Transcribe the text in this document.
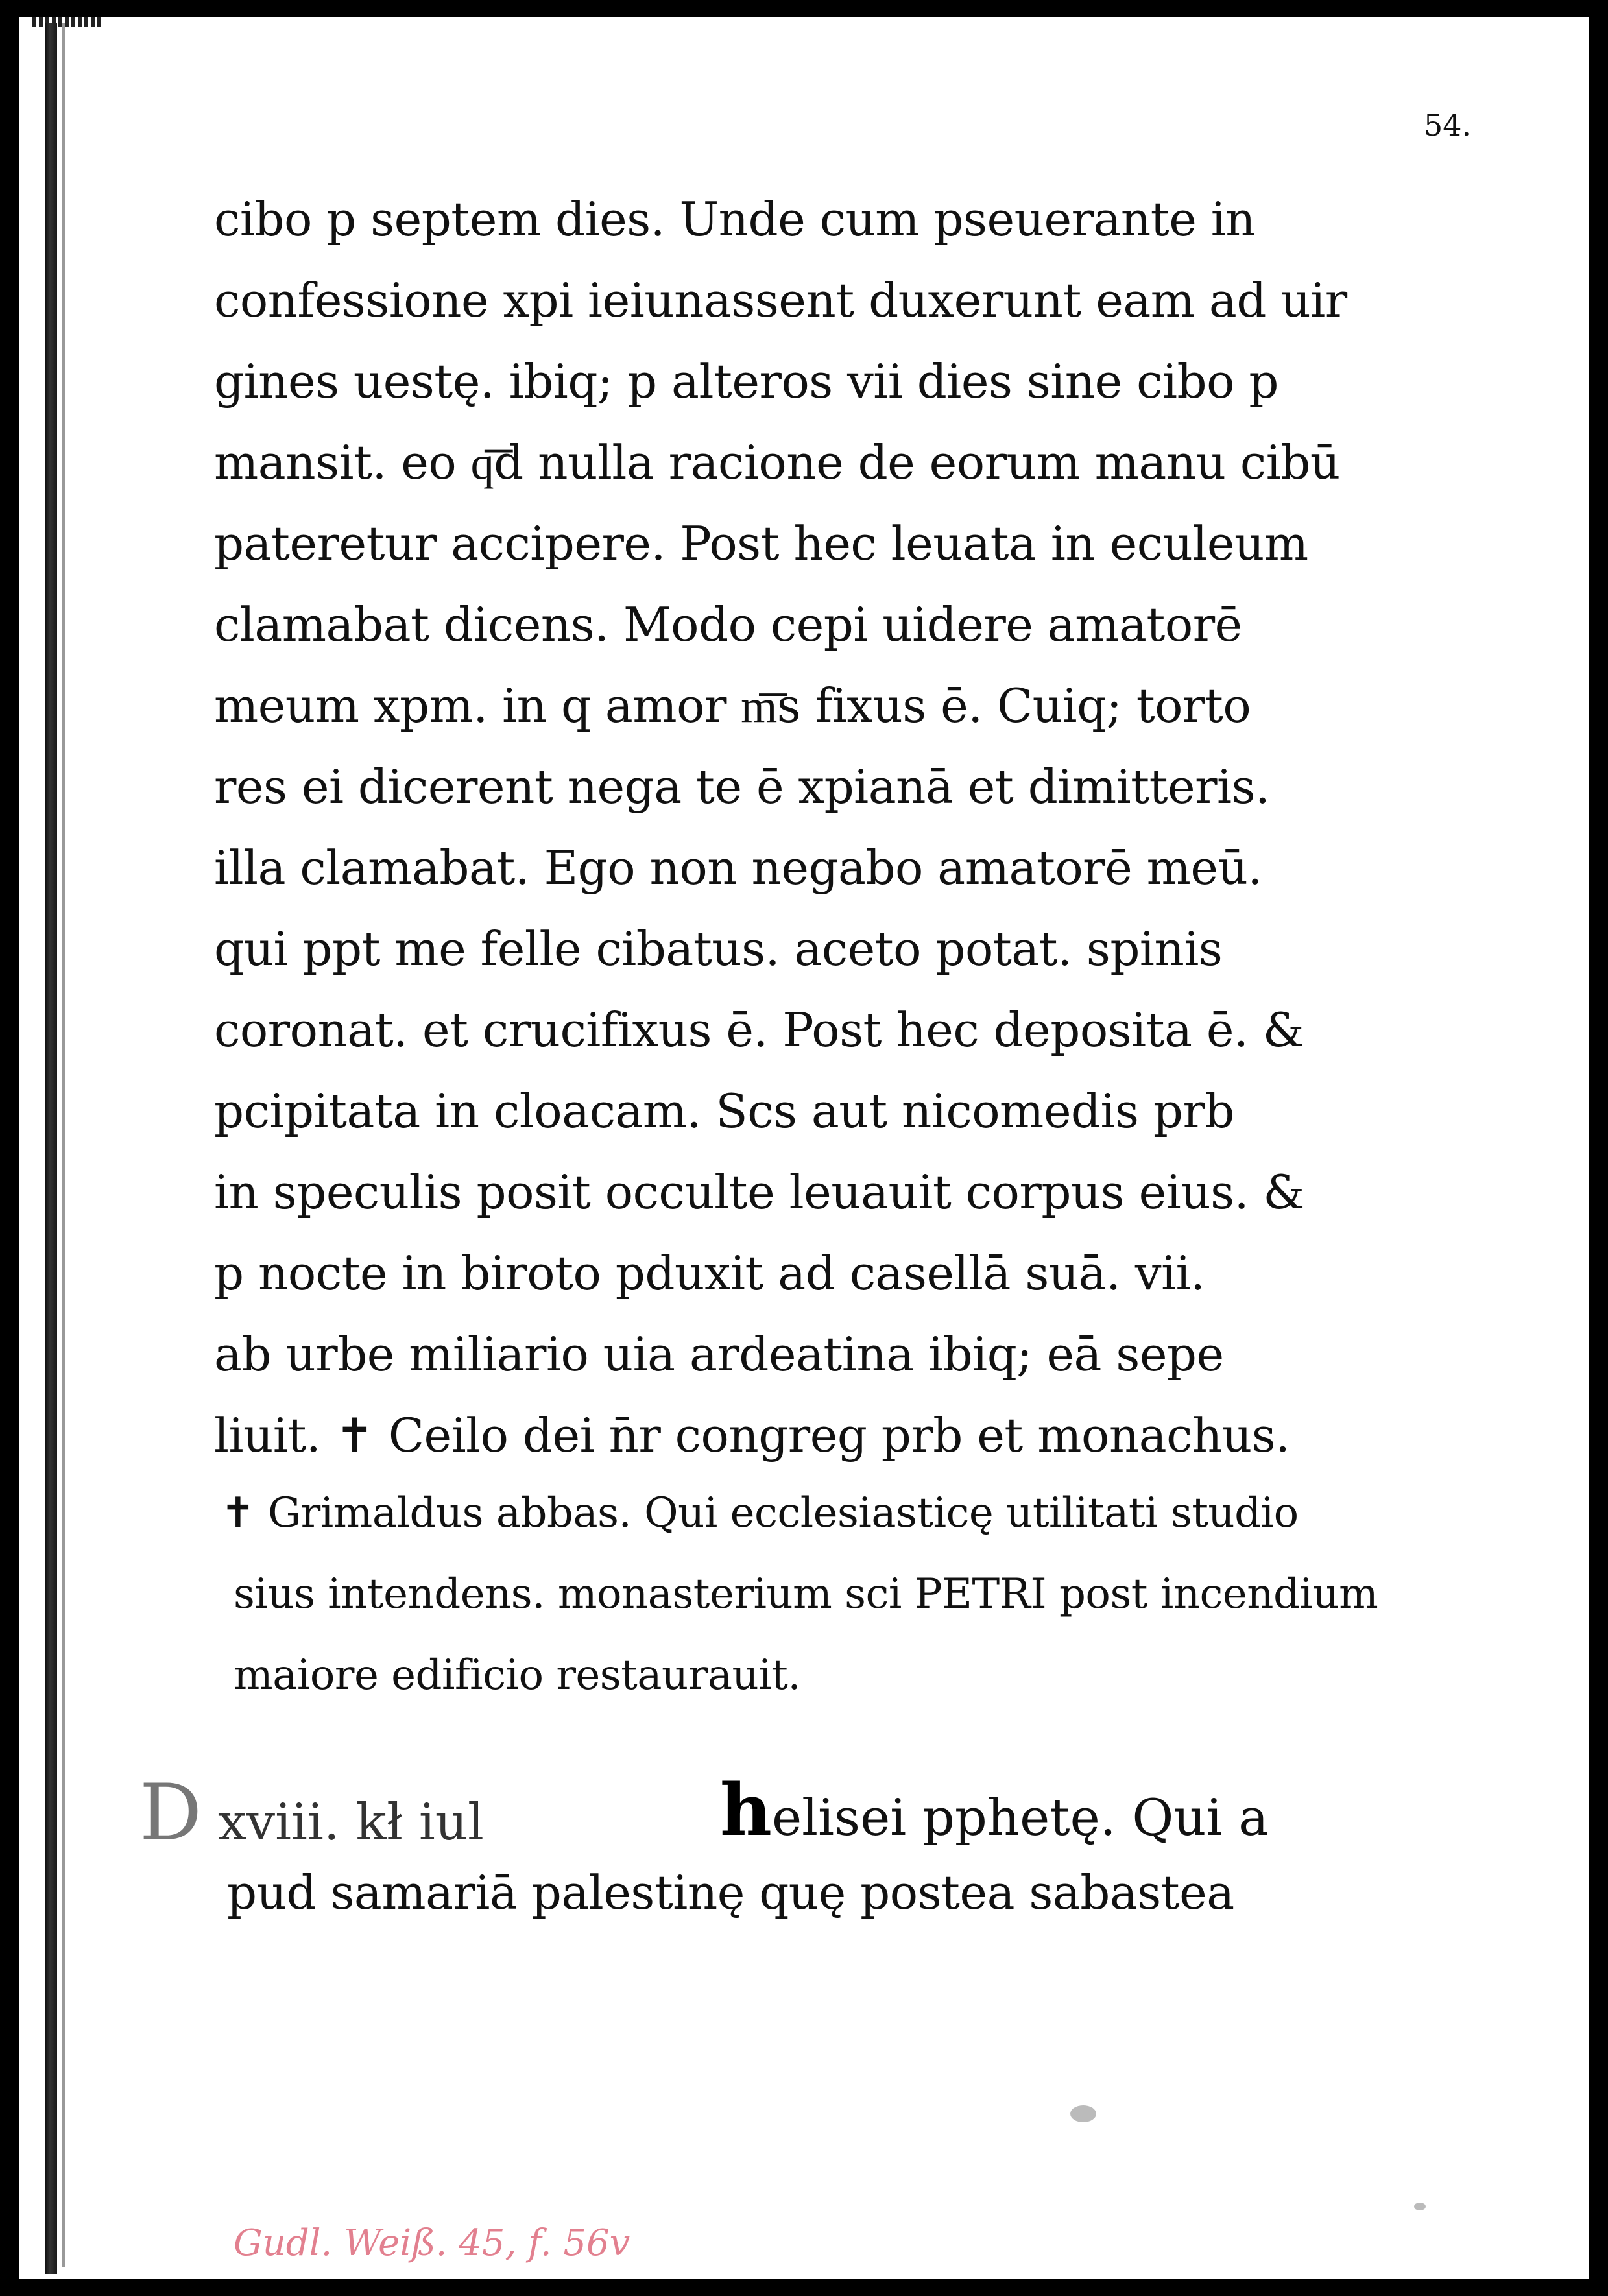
54.
cibo p septem dies. Unde cum pseuerante in
confessione xpi ieiunassent duxerunt eam ad uir
gines uestę. ibiq; p alteros vii dies sine cibo p
mansit. eo q͞d nulla racione de eorum manu cibū
pateretur accipere. Post hec leuata in eculeum
clamabat dicens. Modo cepi uidere amatorē
meum xpm. in q amor m͞s fixus ē. Cuiq; torto
res ei dicerent nega te ē xpianā et dimitteris.
illa clamabat. Ego non negabo amatorē meū.
qui ppt me felle cibatus. aceto potat. spinis
coronat. et crucifixus ē. Post hec deposita ē. &
pcipitata in cloacam. Scs aut nicomedis prb
in speculis posit occulte leuauit corpus eius. &
p nocte in biroto pduxit ad casellā suā. vii.
ab urbe miliario uia ardeatina ibiq; eā sepe
liuit. ✝ Ceilo dei n̄r congreg prb et monachus.
✝ Grimaldus abbas. Qui ecclesiasticę utilitati studio
sius intendens. monasterium sci PETRI post incendium
maiore edificio restaurauit.
D xviii. kł iul	helisei pphetę. Qui a
pud samariā palestinę quę postea sabastea
Gudl. Weiß. 45, f. 56v
